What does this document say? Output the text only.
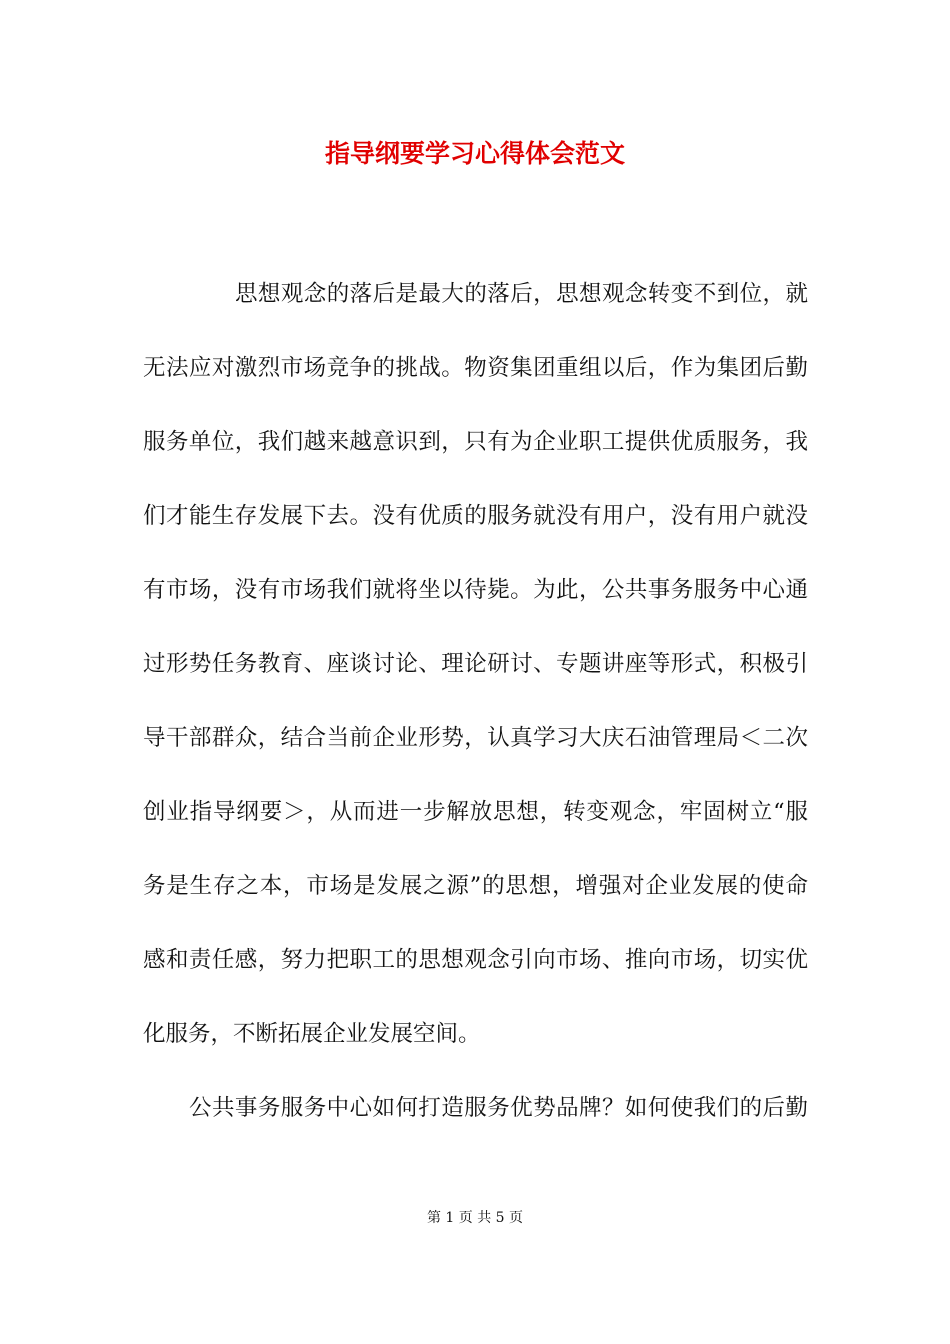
指导纲要学习心得体会范文
思想观念的落后是最大的落后，思想观念转变不到位，就
无法应对激烈市场竞争的挑战。物资集团重组以后，作为集团后勤
服务单位，我们越来越意识到，只有为企业职工提供优质服务，我
们才能生存发展下去。没有优质的服务就没有用户，没有用户就没
有市场，没有市场我们就将坐以待毙。为此，公共事务服务中心通
过形势任务教育、座谈讨论、理论研讨、专题讲座等形式，积极引
导干部群众，结合当前企业形势，认真学习大庆石油管理局＜二次
创业指导纲要＞，从而进一步解放思想，转变观念，牢固树立“服
务是生存之本，市场是发展之源”的思想，增强对企业发展的使命
感和责任感，努力把职工的思想观念引向市场、推向市场，切实优
化服务，不断拓展企业发展空间。
公共事务服务中心如何打造服务优势品牌？如何使我们的后勤
第 1 页 共 5 页
